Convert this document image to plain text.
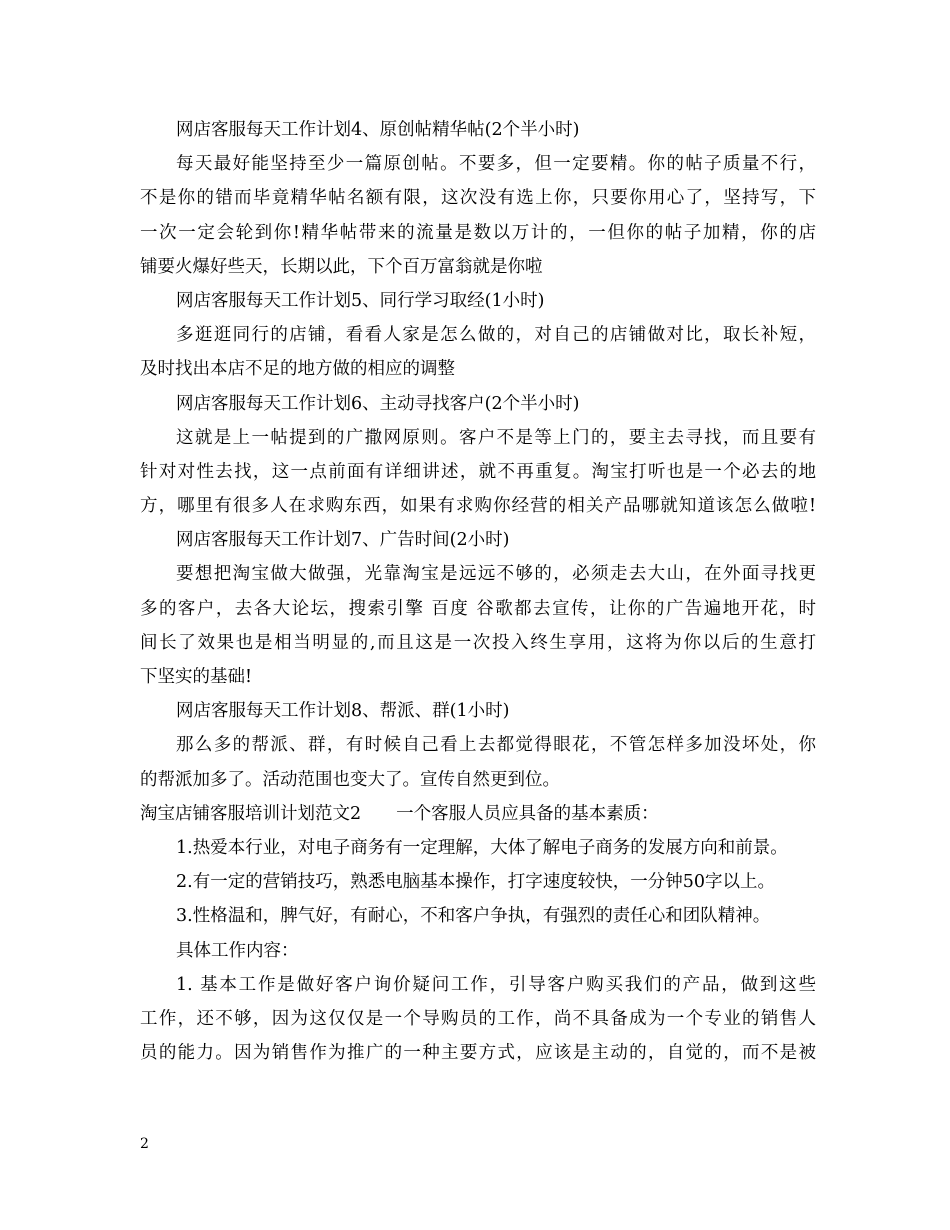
网店客服每天工作计划4、原创帖精华帖(2个半小时)
每天最好能坚持至少一篇原创帖。不要多，但一定要精。你的帖子质量不行，
不是你的错而毕竟精华帖名额有限，这次没有选上你，只要你用心了，坚持写，下
一次一定会轮到你!精华帖带来的流量是数以万计的，一但你的帖子加精，你的店
铺要火爆好些天，长期以此，下个百万富翁就是你啦
网店客服每天工作计划5、同行学习取经(1小时)
多逛逛同行的店铺，看看人家是怎么做的，对自己的店铺做对比，取长补短，
及时找出本店不足的地方做的相应的调整
网店客服每天工作计划6、主动寻找客户(2个半小时)
这就是上一帖提到的广撒网原则。客户不是等上门的，要主去寻找，而且要有
针对对性去找，这一点前面有详细讲述，就不再重复。淘宝打听也是一个必去的地
方，哪里有很多人在求购东西，如果有求购你经营的相关产品哪就知道该怎么做啦!
网店客服每天工作计划7、广告时间(2小时)
要想把淘宝做大做强，光靠淘宝是远远不够的，必须走去大山，在外面寻找更
多的客户，去各大论坛，搜索引擎 百度 谷歌都去宣传，让你的广告遍地开花，时
间长了效果也是相当明显的,而且这是一次投入终生享用，这将为你以后的生意打
下坚实的基础!
网店客服每天工作计划8、帮派、群(1小时)
那么多的帮派、群，有时候自己看上去都觉得眼花，不管怎样多加没坏处，你
的帮派加多了。活动范围也变大了。宣传自然更到位。
淘宝店铺客服培训计划范文2　　一个客服人员应具备的基本素质：
1.热爱本行业，对电子商务有一定理解，大体了解电子商务的发展方向和前景。
2.有一定的营销技巧，熟悉电脑基本操作，打字速度较快，一分钟50字以上。
3.性格温和，脾气好，有耐心，不和客户争执，有强烈的责任心和团队精神。
具体工作内容：
1. 基本工作是做好客户询价疑问工作，引导客户购买我们的产品，做到这些
工作，还不够，因为这仅仅是一个导购员的工作，尚不具备成为一个专业的销售人
员的能力。因为销售作为推广的一种主要方式，应该是主动的，自觉的，而不是被
2
